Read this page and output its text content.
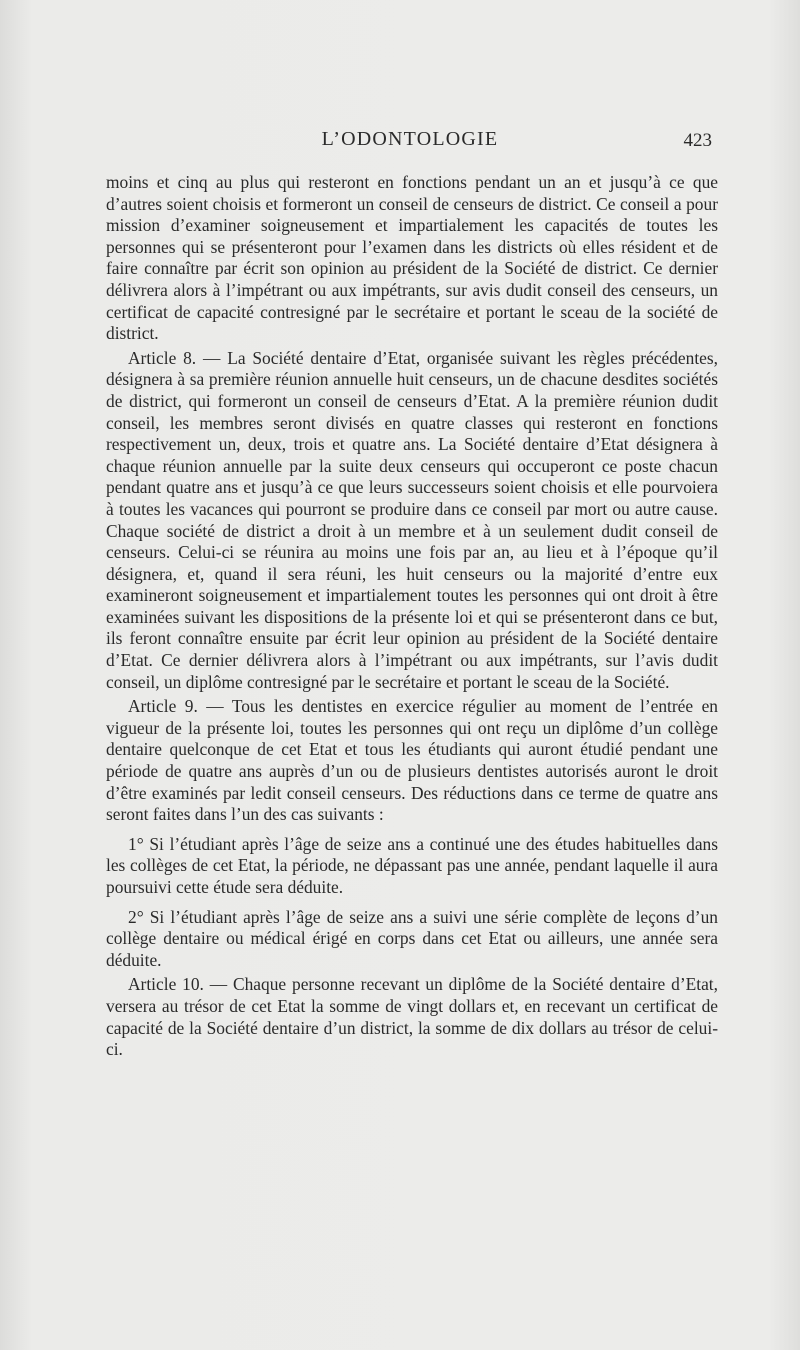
L’ODONTOLOGIE	423

moins et cinq au plus qui resteront en fonctions pendant un an et jusqu’à ce que d’autres soient choisis et formeront un conseil de censeurs de district. Ce conseil a pour mission d’examiner soigneusement et impartialement les capacités de toutes les personnes qui se présenteront pour l’examen dans les districts où elles résident et de faire connaître par écrit son opinion au président de la Société de district. Ce dernier délivrera alors à l’impétrant ou aux impétrants, sur avis dudit conseil des censeurs, un certificat de capacité contresigné par le secrétaire et portant le sceau de la société de district.

Article 8. — La Société dentaire d’Etat, organisée suivant les règles précédentes, désignera à sa première réunion annuelle huit censeurs, un de chacune desdites sociétés de district, qui formeront un conseil de censeurs d’Etat. A la première réunion dudit conseil, les membres seront divisés en quatre classes qui resteront en fonctions respectivement un, deux, trois et quatre ans. La Société dentaire d’Etat désignera à chaque réunion annuelle par la suite deux censeurs qui occuperont ce poste chacun pendant quatre ans et jusqu’à ce que leurs successeurs soient choisis et elle pourvoiera à toutes les vacances qui pourront se produire dans ce conseil par mort ou autre cause. Chaque société de district a droit à un membre et à un seulement dudit conseil de censeurs. Celui-ci se réunira au moins une fois par an, au lieu et à l’époque qu’il désignera, et, quand il sera réuni, les huit censeurs ou la majorité d’entre eux examineront soigneusement et impartialement toutes les personnes qui ont droit à être examinées suivant les dispositions de la présente loi et qui se présenteront dans ce but, ils feront connaître ensuite par écrit leur opinion au président de la Société dentaire d’Etat. Ce dernier délivrera alors à l’impétrant ou aux impétrants, sur l’avis dudit conseil, un diplôme contresigné par le secrétaire et portant le sceau de la Société.

Article 9. — Tous les dentistes en exercice régulier au moment de l’entrée en vigueur de la présente loi, toutes les personnes qui ont reçu un diplôme d’un collège dentaire quelconque de cet Etat et tous les étudiants qui auront étudié pendant une période de quatre ans auprès d’un ou de plusieurs dentistes autorisés auront le droit d’être examinés par ledit conseil censeurs. Des réductions dans ce terme de quatre ans seront faites dans l’un des cas suivants :

1° Si l’étudiant après l’âge de seize ans a continué une des études habituelles dans les collèges de cet Etat, la période, ne dépassant pas une année, pendant laquelle il aura poursuivi cette étude sera déduite.

2° Si l’étudiant après l’âge de seize ans a suivi une série complète de leçons d’un collège dentaire ou médical érigé en corps dans cet Etat ou ailleurs, une année sera déduite.

Article 10. — Chaque personne recevant un diplôme de la Société dentaire d’Etat, versera au trésor de cet Etat la somme de vingt dollars et, en recevant un certificat de capacité de la Société dentaire d’un district, la somme de dix dollars au trésor de celui-ci.
